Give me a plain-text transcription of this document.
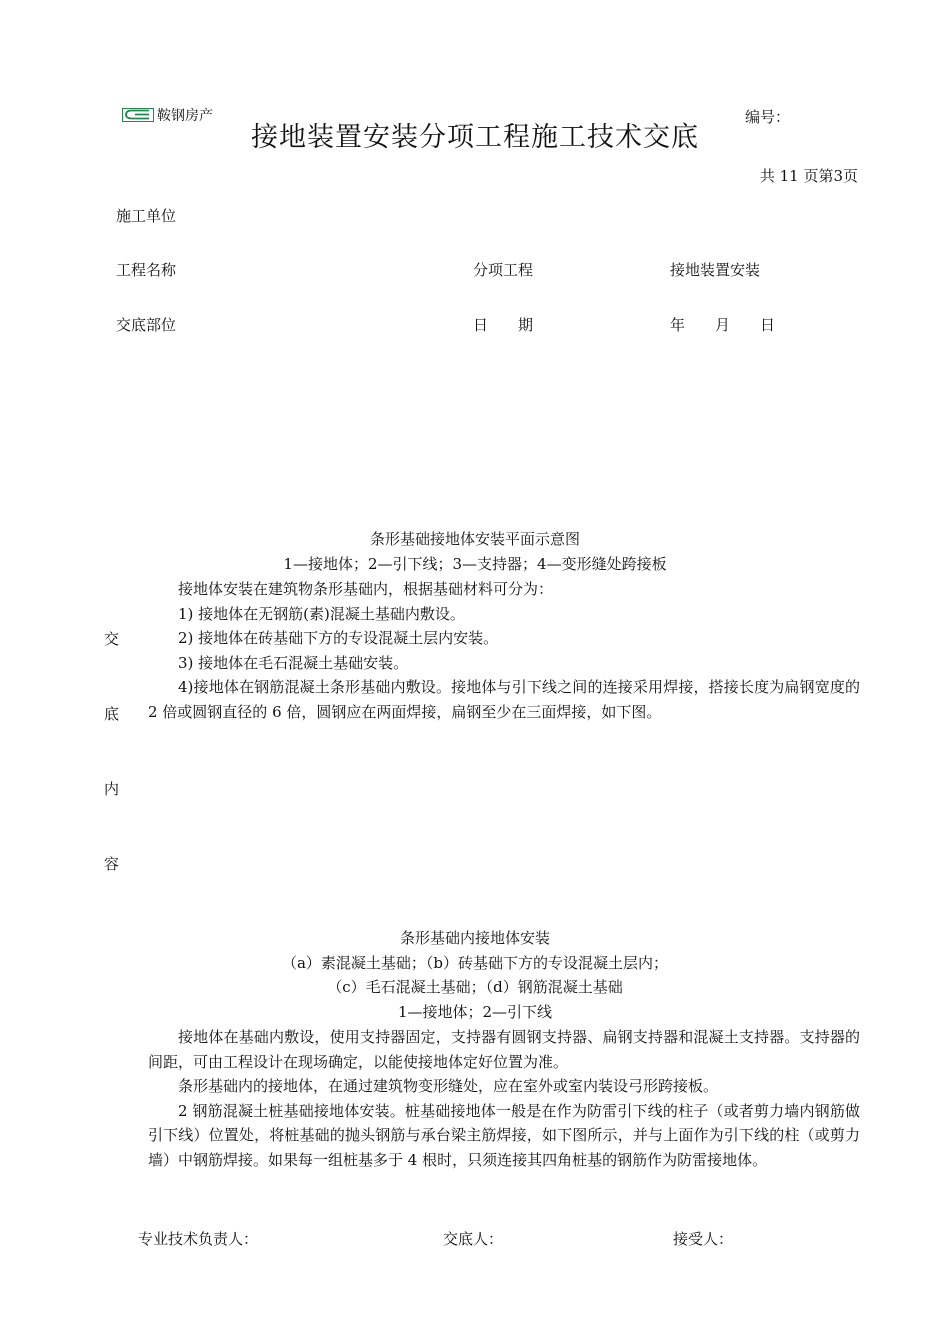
鞍钢房产
接地装置安装分项工程施工技术交底
编号：
共 11 页第3页
施工单位
工程名称	分项工程	接地装置安装
交底部位	日　　期	年　　月　　日
交
底
内
容
条形基础接地体安装平面示意图
1—接地体；2—引下线；3—支持器；4—变形缝处跨接板
接地体安装在建筑物条形基础内，根据基础材料可分为：
1) 接地体在无钢筋(素)混凝土基础内敷设。
2) 接地体在砖基础下方的专设混凝土层内安装。
3) 接地体在毛石混凝土基础安装。
4)接地体在钢筋混凝土条形基础内敷设。接地体与引下线之间的连接采用焊接，搭接长度为扁钢宽度的 2 倍或圆钢直径的 6 倍，圆钢应在两面焊接，扁钢至少在三面焊接，如下图。
条形基础内接地体安装
（a）素混凝土基础；（b）砖基础下方的专设混凝土层内；
（c）毛石混凝土基础；（d）钢筋混凝土基础
1—接地体；2—引下线
接地体在基础内敷设，使用支持器固定，支持器有圆钢支持器、扁钢支持器和混凝土支持器。支持器的间距，可由工程设计在现场确定，以能使接地体定好位置为准。
条形基础内的接地体，在通过建筑物变形缝处，应在室外或室内装设弓形跨接板。
2 钢筋混凝土桩基础接地体安装。桩基础接地体一般是在作为防雷引下线的柱子（或者剪力墙内钢筋做引下线）位置处，将桩基础的抛头钢筋与承台梁主筋焊接，如下图所示，并与上面作为引下线的柱（或剪力墙）中钢筋焊接。如果每一组桩基多于 4 根时，只须连接其四角桩基的钢筋作为防雷接地体。
专业技术负责人：	交底人：	接受人：
